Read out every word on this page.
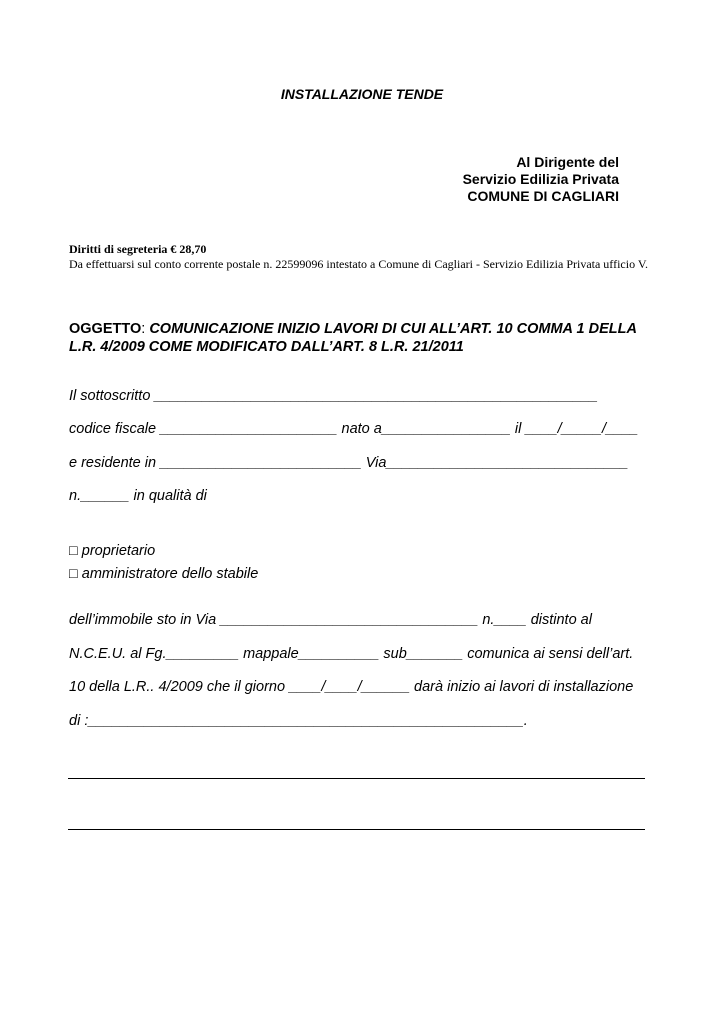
INSTALLAZIONE TENDE
Al Dirigente del
Servizio Edilizia Privata
COMUNE DI CAGLIARI
Diritti di segreteria € 28,70
Da effettuarsi sul conto corrente postale n. 22599096 intestato a Comune di Cagliari - Servizio Edilizia Privata ufficio V.
OGGETTO: COMUNICAZIONE INIZIO LAVORI DI CUI ALL’ART. 10 COMMA 1 DELLA L.R. 4/2009 COME MODIFICATO DALL’ART. 8 L.R. 21/2011
Il sottoscritto _______________________________________________________
codice fiscale ______________________ nato a________________ il ____/_____/____
e residente in _________________________ Via______________________________
n.______ in qualità di
□ proprietario
□ amministratore dello stabile
dell’immobile sto in Via ________________________________ n.____ distinto al
N.C.E.U. al Fg._________ mappale__________ sub_______ comunica ai sensi dell’art.
10 della L.R.. 4/2009 che il giorno ____/____/______ darà inizio ai lavori di installazione
di :______________________________________________________.
